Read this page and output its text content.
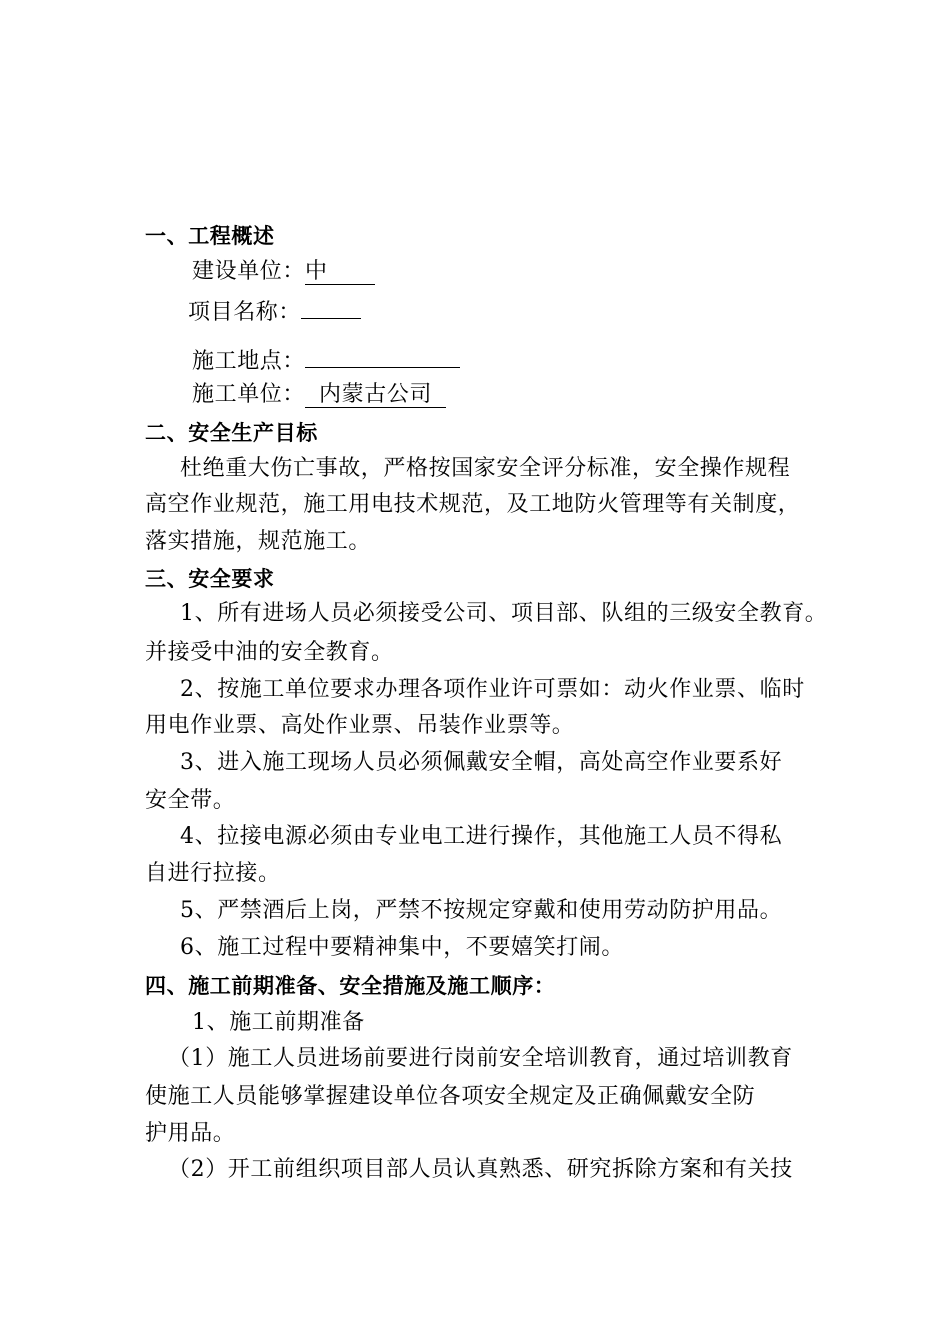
一、工程概述
建设单位：中
项目名称：
施工地点：
施工单位： 内蒙古公司
二、安全生产目标
杜绝重大伤亡事故，严格按国家安全评分标准，安全操作规程
高空作业规范，施工用电技术规范，及工地防火管理等有关制度，
落实措施，规范施工。
三、安全要求
1、所有进场人员必须接受公司、项目部、队组的三级安全教育。
并接受中油的安全教育。
2、按施工单位要求办理各项作业许可票如：动火作业票、临时
用电作业票、高处作业票、吊装作业票等。
3、进入施工现场人员必须佩戴安全帽，高处高空作业要系好
安全带。
4、拉接电源必须由专业电工进行操作，其他施工人员不得私
自进行拉接。
5、严禁酒后上岗，严禁不按规定穿戴和使用劳动防护用品。
6、施工过程中要精神集中，不要嬉笑打闹。
四、施工前期准备、安全措施及施工顺序：
1、施工前期准备
（1）施工人员进场前要进行岗前安全培训教育，通过培训教育
使施工人员能够掌握建设单位各项安全规定及正确佩戴安全防
护用品。
（2）开工前组织项目部人员认真熟悉、研究拆除方案和有关技
